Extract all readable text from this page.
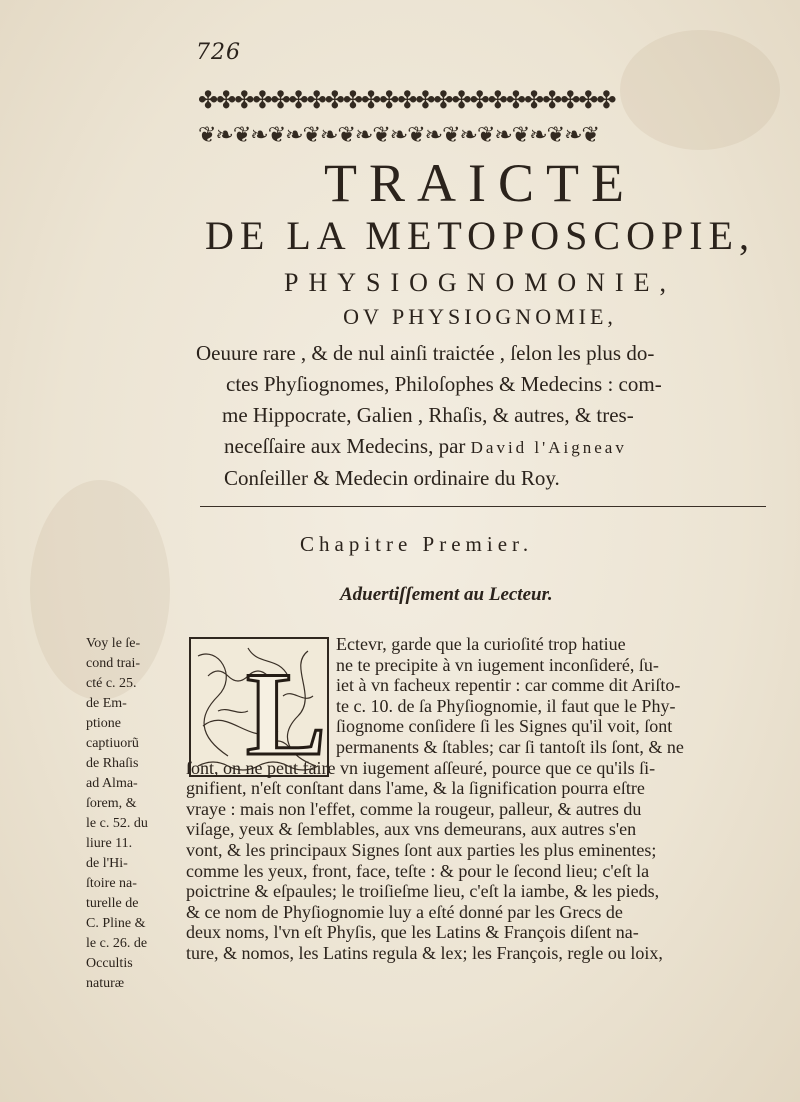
726
✤✤✤✤✤✤✤✤✤✤✤✤✤✤✤✤✤✤✤✤✤✤✤
❦❧❦❧❦❧❦❧❦❧❦❧❦❧❦❧❦❧❦❧❦❧❦
TRAICTE
DE LA METOPOSCOPIE,
PHYSIOGNOMONIE,
OV PHYSIOGNOMIE,
Oeuure rare , & de nul ainſi traictée , ſelon les plus do-
ctes Phyſiognomes, Philoſophes & Medecins : com-
me Hippocrate, Galien , Rhaſis, & autres, & tres-
neceſſaire aux Medecins, par David l'Aigneav
Conſeiller & Medecin ordinaire du Roy.
Chapitre Premier.
Aduertiſſement au Lecteur.
Voy le ſe-
cond trai-
cté c. 25.
de Em-
ptione
captiuorũ
de Rhaſis
ad Alma-
ſorem, &
le c. 52. du
liure 11.
de l'Hi-
ſtoire na-
turelle de
C. Pline &
le c. 26. de
Occultis
naturæ
L
Ectevr, garde que la curioſité trop hatiue
ne te precipite à vn iugement inconſideré, ſu-
iet à vn facheux repentir : car comme dit Ariſto-
te c. 10. de ſa Phyſiognomie, il faut que le Phy-
ſiognome conſidere ſi les Signes qu'il voit, ſont
permanents & ſtables; car ſi tantoſt ils ſont, & ne
ſont, on ne peut faire vn iugement aſſeuré, pource que ce qu'ils ſi-
gnifient, n'eſt conſtant dans l'ame, & la ſignification pourra eſtre
vraye : mais non l'effet, comme la rougeur, palleur, & autres du
viſage, yeux & ſemblables, aux vns demeurans, aux autres s'en
vont, & les principaux Signes ſont aux parties les plus eminentes;
comme les yeux, front, face, teſte : & pour le ſecond lieu; c'eſt la
poictrine & eſpaules; le troiſieſme lieu, c'eſt la iambe, & les pieds,
& ce nom de Phyſiognomie luy a eſté donné par les Grecs de
deux noms, l'vn eſt Phyſis, que les Latins & François diſent na-
ture, & nomos, les Latins regula & lex; les François, regle ou loix,
